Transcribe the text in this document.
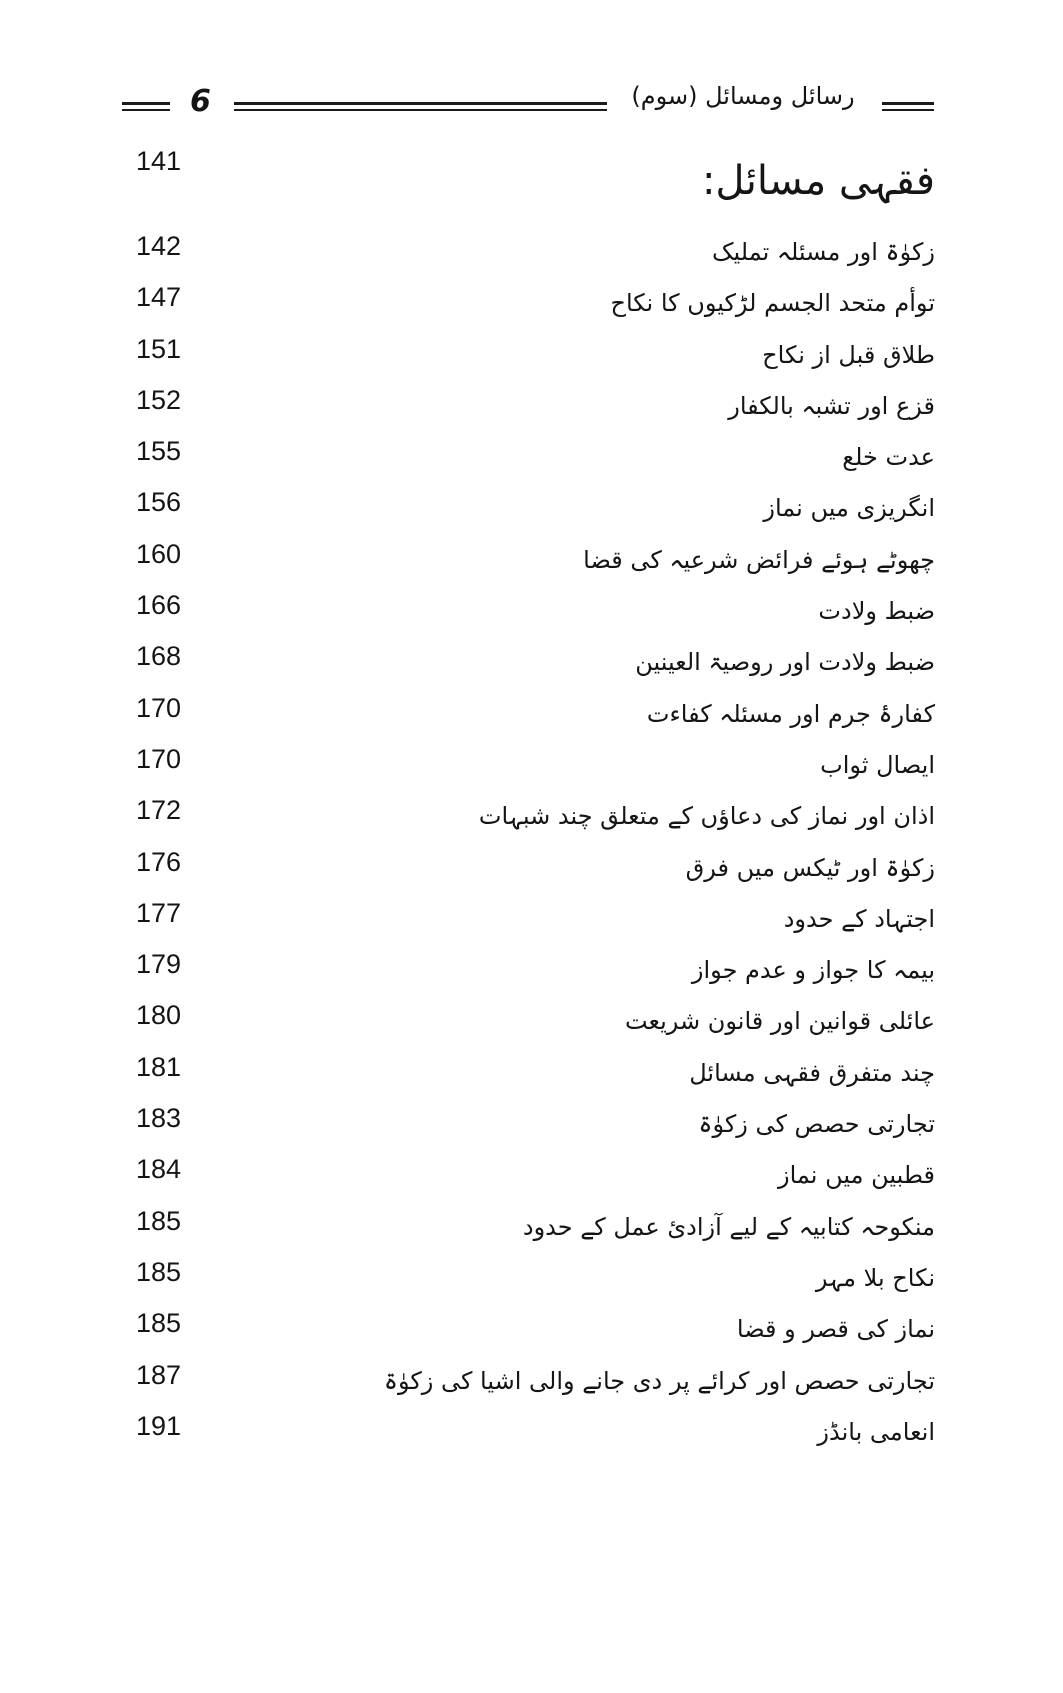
6	رسائل ومسائل (سوم)
141	فقہی مسائل:
142	زکوٰۃ اور مسئلہ تملیک
147	توأم متحد الجسم لڑکیوں کا نکاح
151	طلاق قبل از نکاح
152	قزع اور تشبہ بالکفار
155	عدت خلع
156	انگریزی میں نماز
160	چھوٹے ہوئے فرائض شرعیہ کی قضا
166	ضبط ولادت
168	ضبط ولادت اور روصیۃ العینین
170	کفارۂ جرم اور مسئلہ کفاءت
170	ایصال ثواب
172	اذان اور نماز کی دعاؤں کے متعلق چند شبہات
176	زکوٰۃ اور ٹیکس میں فرق
177	اجتہاد کے حدود
179	بیمہ کا جواز و عدم جواز
180	عائلی قوانین اور قانون شریعت
181	چند متفرق فقہی مسائل
183	تجارتی حصص کی زکوٰۃ
184	قطبین میں نماز
185	منکوحہ کتابیہ کے لیے آزادیٔ عمل کے حدود
185	نکاح بلا مہر
185	نماز کی قصر و قضا
187	تجارتی حصص اور کرائے پر دی جانے والی اشیا کی زکوٰۃ
191	انعامی بانڈز
